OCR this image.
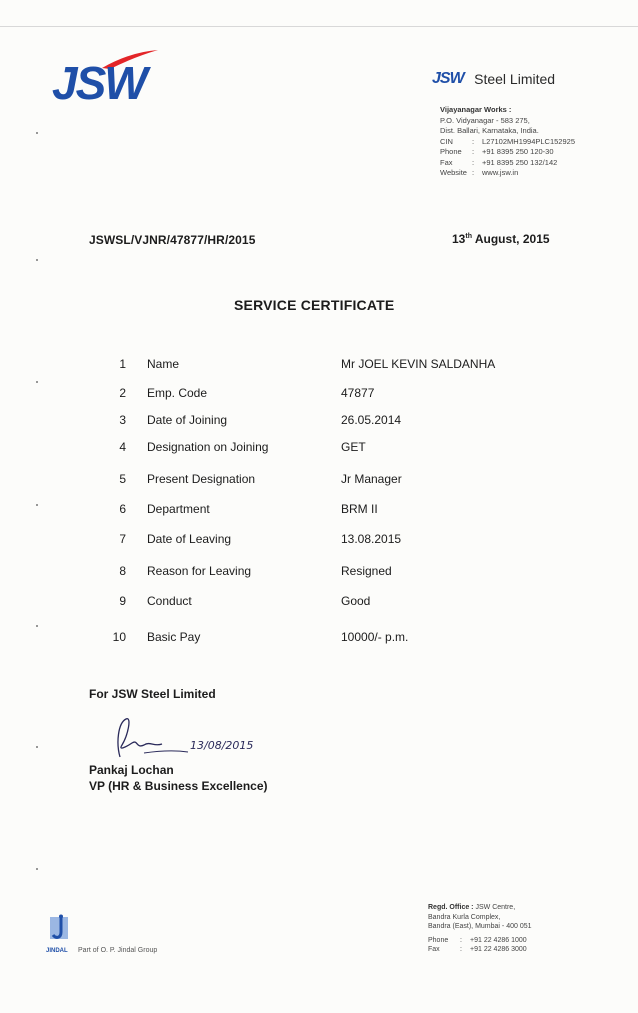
JSW	JSW Steel Limited
Vijayanagar Works :
P.O. Vidyanagar - 583 275,
Dist. Ballari, Karnataka, India.
CIN	:	L27102MH1994PLC152925
Phone	:	+91 8395 250 120-30
Fax	:	+91 8395 250 132/142
Website :	www.jsw.in
JSWSL/VJNR/47877/HR/2015	13th August, 2015
SERVICE CERTIFICATE
1 Name	Mr JOEL KEVIN SALDANHA
2 Emp. Code	47877
3 Date of Joining	26.05.2014
4 Designation on Joining	GET
5 Present Designation	Jr Manager
6 Department	BRM II
7 Date of Leaving	13.08.2015
8 Reason for Leaving	Resigned
9 Conduct	Good
10 Basic Pay	10000/- p.m.
For JSW Steel Limited
13/08/2015
Pankaj Lochan
VP (HR & Business Excellence)
Regd. Office : JSW Centre,
Bandra Kurla Complex,
Bandra (East), Mumbai - 400 051
Phone	:	+91 22 4286 1000
Fax	:	+91 22 4286 3000
JINDAL Part of O. P. Jindal Group
